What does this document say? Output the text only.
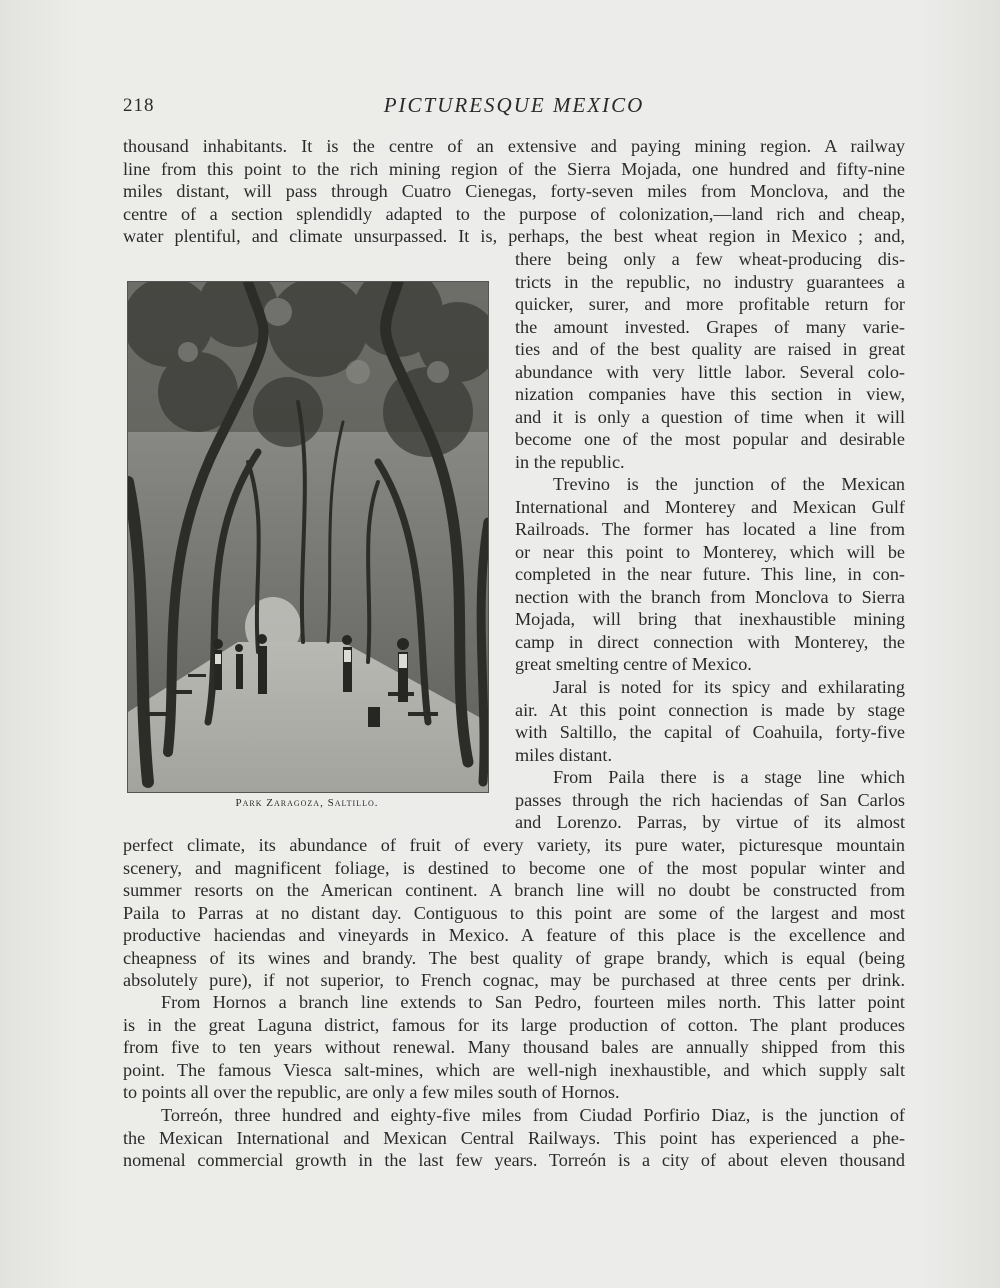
218	PICTURESQUE MEXICO

thousand inhabitants. It is the centre of an extensive and paying mining region. A railway

line from this point to the rich mining region of the Sierra Mojada, one hundred and fifty-nine

miles distant, will pass through Cuatro Cienegas, forty-seven miles from Monclova, and the

centre of a section splendidly adapted to the purpose of colonization,—land rich and cheap,

water plentiful, and climate unsurpassed. It is, perhaps, the best wheat region in Mexico ; and,

there being only a few wheat-producing dis-

tricts in the republic, no industry guarantees a

quicker, surer, and more profitable return for

the amount invested. Grapes of many varie-

ties and of the best quality are raised in great

abundance with very little labor. Several colo-

nization companies have this section in view,

and it is only a question of time when it will

become one of the most popular and desirable

in the republic.

Trevino is the junction of the Mexican

International and Monterey and Mexican Gulf

Railroads. The former has located a line from

or near this point to Monterey, which will be

completed in the near future. This line, in con-

nection with the branch from Monclova to Sierra

Mojada, will bring that inexhaustible mining

camp in direct connection with Monterey, the

great smelting centre of Mexico.

Jaral is noted for its spicy and exhilarating

air. At this point connection is made by stage

with Saltillo, the capital of Coahuila, forty-five

miles distant.

From Paila there is a stage line which

passes through the rich haciendas of San Carlos

and Lorenzo. Parras, by virtue of its almost

perfect climate, its abundance of fruit of every variety, its pure water, picturesque mountain

scenery, and magnificent foliage, is destined to become one of the most popular winter and

summer resorts on the American continent. A branch line will no doubt be constructed from

Paila to Parras at no distant day. Contiguous to this point are some of the largest and most

productive haciendas and vineyards in Mexico. A feature of this place is the excellence and

cheapness of its wines and brandy. The best quality of grape brandy, which is equal (being

absolutely pure), if not superior, to French cognac, may be purchased at three cents per drink.

From Hornos a branch line extends to San Pedro, fourteen miles north. This latter point

is in the great Laguna district, famous for its large production of cotton. The plant produces

from five to ten years without renewal. Many thousand bales are annually shipped from this

point. The famous Viesca salt-mines, which are well-nigh inexhaustible, and which supply salt

to points all over the republic, are only a few miles south of Hornos.

Torreón, three hundred and eighty-five miles from Ciudad Porfirio Diaz, is the junction of

the Mexican International and Mexican Central Railways. This point has experienced a phe-

nomenal commercial growth in the last few years. Torreón is a city of about eleven thousand

Park Zaragoza, Saltillo.
